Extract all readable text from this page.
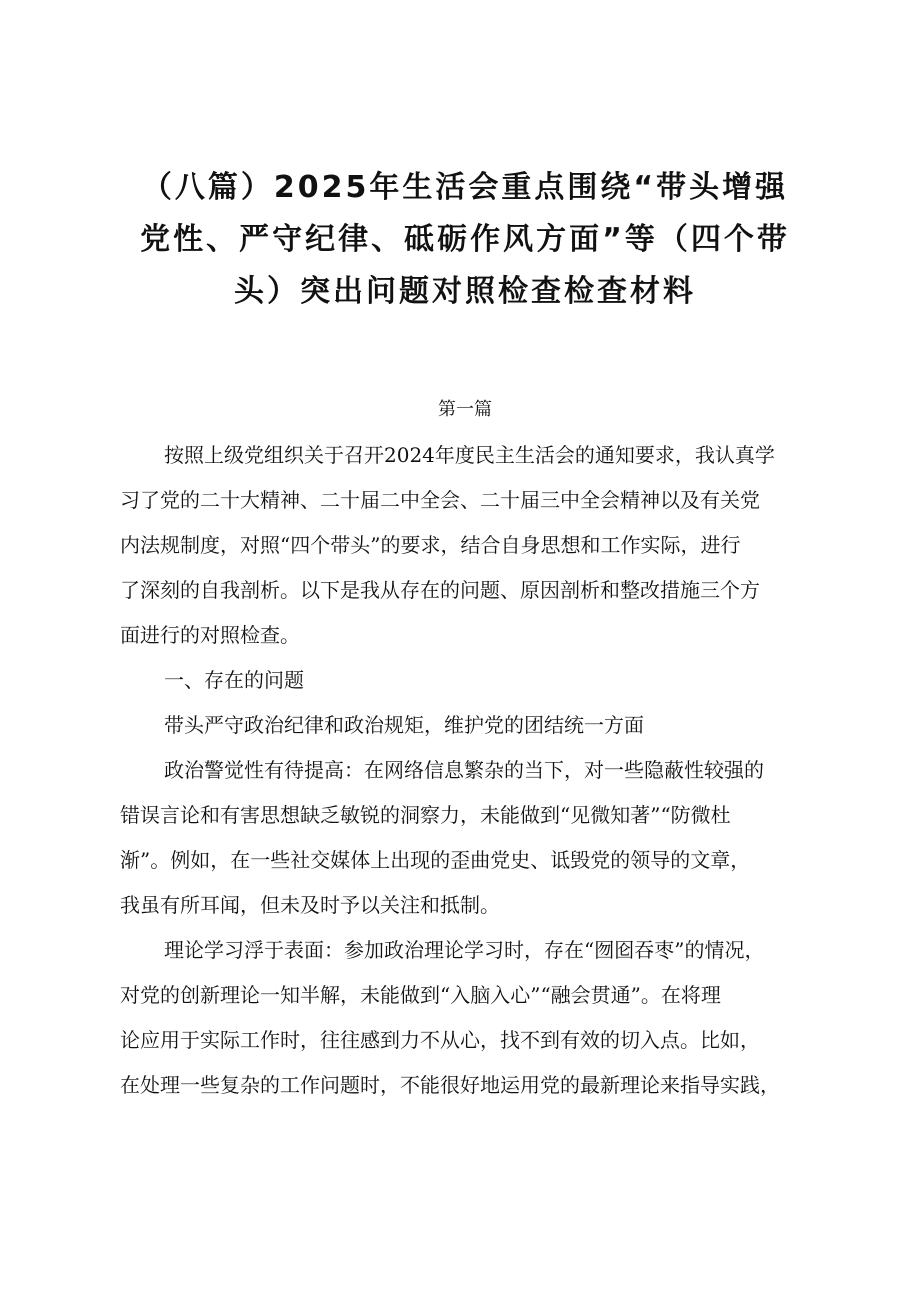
（八篇）2025年生活会重点围绕“带头增强
党性、严守纪律、砥砺作风方面”等（四个带
头）突出问题对照检查检查材料
第一篇

按照上级党组织关于召开2024年度民主生活会的通知要求，我认真学
习了党的二十大精神、二十届二中全会、二十届三中全会精神以及有关党
内法规制度，对照“四个带头”的要求，结合自身思想和工作实际，进行
了深刻的自我剖析。以下是我从存在的问题、原因剖析和整改措施三个方
面进行的对照检查。

一、存在的问题
带头严守政治纪律和政治规矩，维护党的团结统一方面

政治警觉性有待提高：在网络信息繁杂的当下，对一些隐蔽性较强的
错误言论和有害思想缺乏敏锐的洞察力，未能做到“见微知著”“防微杜
渐”。例如，在一些社交媒体上出现的歪曲党史、诋毁党的领导的文章，
我虽有所耳闻，但未及时予以关注和抵制。

理论学习浮于表面：参加政治理论学习时，存在“囫囵吞枣”的情况，
对党的创新理论一知半解，未能做到“入脑入心”“融会贯通”。在将理
论应用于实际工作时，往往感到力不从心，找不到有效的切入点。比如，
在处理一些复杂的工作问题时，不能很好地运用党的最新理论来指导实践，
